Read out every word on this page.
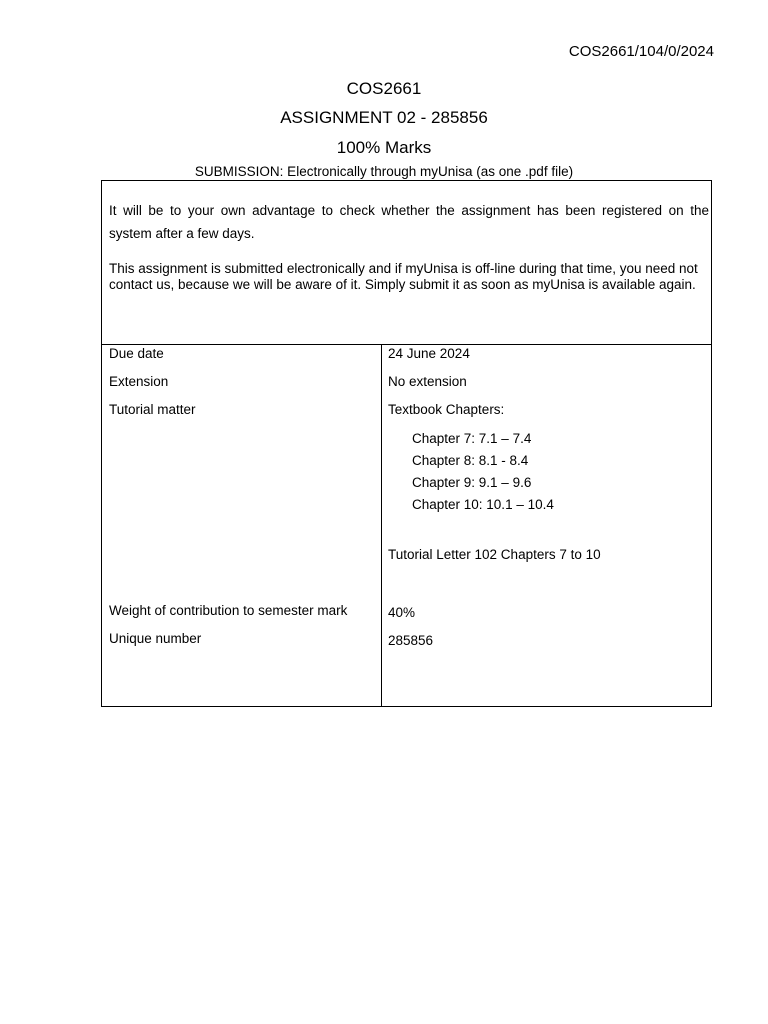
COS2661/104/0/2024
COS2661
ASSIGNMENT 02 - 285856
100% Marks
SUBMISSION: Electronically through myUnisa (as one .pdf file)

It will be to your own advantage to check whether the assignment has been registered on the system after a few days.

This assignment is submitted electronically and if myUnisa is off-line during that time, you need not contact us, because we will be aware of it. Simply submit it as soon as myUnisa is available again.

Due date	24 June 2024
Extension	No extension
Tutorial matter	Textbook Chapters:
Chapter 7: 7.1 – 7.4
Chapter 8: 8.1 - 8.4
Chapter 9: 9.1 – 9.6
Chapter 10: 10.1 – 10.4
Tutorial Letter 102 Chapters 7 to 10
Weight of contribution to semester mark	40%
Unique number	285856
